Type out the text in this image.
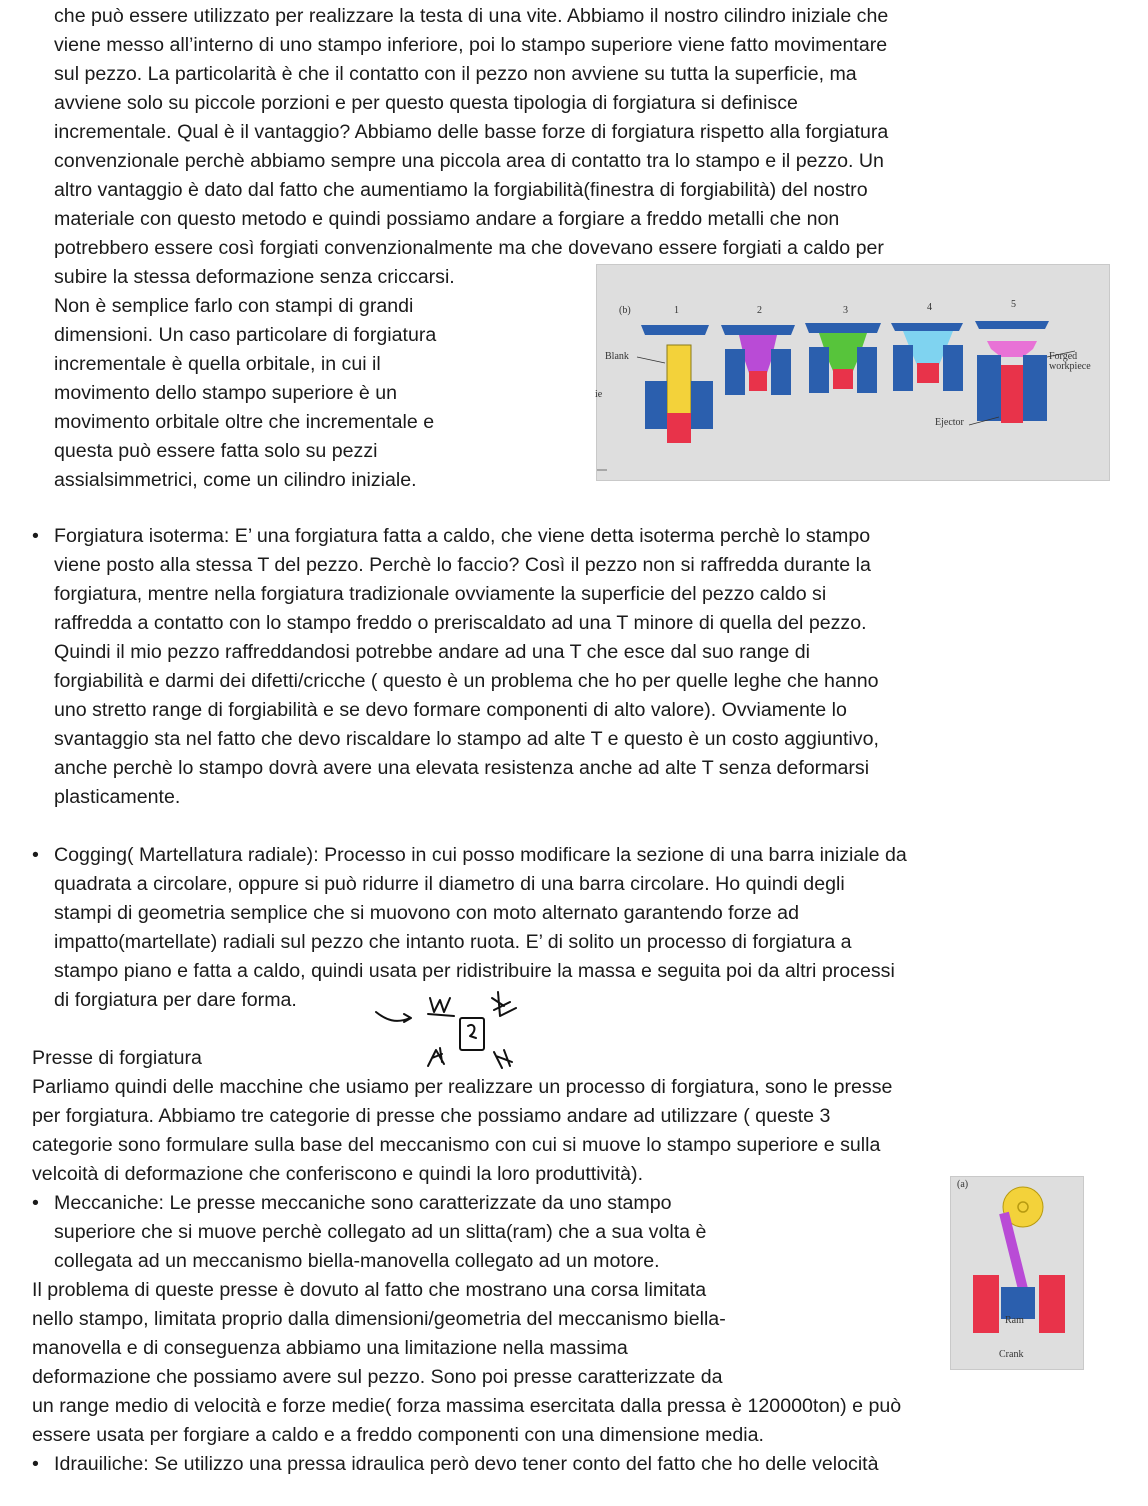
che può essere utilizzato per realizzare la testa di una vite. Abbiamo il nostro cilindro iniziale che

viene messo all’interno di uno stampo inferiore, poi lo stampo superiore viene fatto movimentare

sul pezzo. La particolarità è che il contatto con il pezzo non avviene su tutta la superficie, ma

avviene solo su piccole porzioni e per questo questa tipologia di forgiatura si definisce

incrementale. Qual è il vantaggio? Abbiamo delle basse forze di forgiatura rispetto alla forgiatura

convenzionale perchè abbiamo sempre una piccola area di contatto tra lo stampo e il pezzo. Un

altro vantaggio è dato dal fatto che aumentiamo la forgiabilità(finestra di forgiabilità) del nostro

materiale con questo metodo e quindi possiamo andare a forgiare a freddo metalli che non

potrebbero essere così forgiati convenzionalmente ma che dovevano essere forgiati a caldo per

subire la stessa deformazione senza criccarsi.

Non è semplice farlo con stampi di grandi

dimensioni. Un caso particolare di forgiatura

incrementale è quella orbitale, in cui il

movimento dello stampo superiore è un

movimento orbitale oltre che incrementale e

questa può essere fatta solo su pezzi

assialsimmetrici, come un cilindro iniziale.

(b)	1	2	3	4	5
Blank
ie
Forged
workpiece
Ejector
• Forgiatura isoterma: E’ una forgiatura fatta a caldo, che viene detta isoterma perchè lo stampo

viene posto alla stessa T del pezzo. Perchè lo faccio? Così il pezzo non si raffredda durante la

forgiatura, mentre nella forgiatura tradizionale ovviamente la superficie del pezzo caldo si

raffredda a contatto con lo stampo freddo o preriscaldato ad una T minore di quella del pezzo.

Quindi il mio pezzo raffreddandosi potrebbe andare ad una T che esce dal suo range di

forgiabilità e darmi dei difetti/cricche ( questo è un problema che ho per quelle leghe che hanno

uno stretto range di forgiabilità e se devo formare componenti di alto valore). Ovviamente lo

svantaggio sta nel fatto che devo riscaldare lo stampo ad alte T e questo è un costo aggiuntivo,

anche perchè lo stampo dovrà avere una elevata resistenza anche ad alte T senza deformarsi

plasticamente.

• Cogging( Martellatura radiale): Processo in cui posso modificare la sezione di una barra iniziale da

quadrata a circolare, oppure si può ridurre il diametro di una barra circolare. Ho quindi degli

stampi di geometria semplice che si muovono con moto alternato garantendo forze ad

impatto(martellate) radiali sul pezzo che intanto ruota. E’ di solito un processo di forgiatura a

stampo piano e fatta a caldo, quindi usata per ridistribuire la massa e seguita poi da altri processi

di forgiatura per dare forma.

Presse di forgiatura

Parliamo quindi delle macchine che usiamo per realizzare un processo di forgiatura, sono le presse

per forgiatura. Abbiamo tre categorie di presse che possiamo andare ad utilizzare ( queste 3

categorie sono formulare sulla base del meccanismo con cui si muove lo stampo superiore e sulla

velcoità di deformazione che conferiscono e quindi la loro produttività).

• Meccaniche: Le presse meccaniche sono caratterizzate da uno stampo

superiore che si muove perchè collegato ad un slitta(ram) che a sua volta è

collegata ad un meccanismo biella-manovella collegato ad un motore.

Il problema di queste presse è dovuto al fatto che mostrano una corsa limitata

nello stampo, limitata proprio dalla dimensioni/geometria del meccanismo biella-

manovella e di conseguenza abbiamo una limitazione nella massima

deformazione che possiamo avere sul pezzo. Sono poi presse caratterizzate da

un range medio di velocità e forze medie( forza massima esercitata dalla pressa è 120000ton) e può

essere usata per forgiare a caldo e a freddo componenti con una dimensione media.

(a)
Ram
Crank
• Idrauiliche: Se utilizzo una pressa idraulica però devo tener conto del fatto che ho delle velocità
